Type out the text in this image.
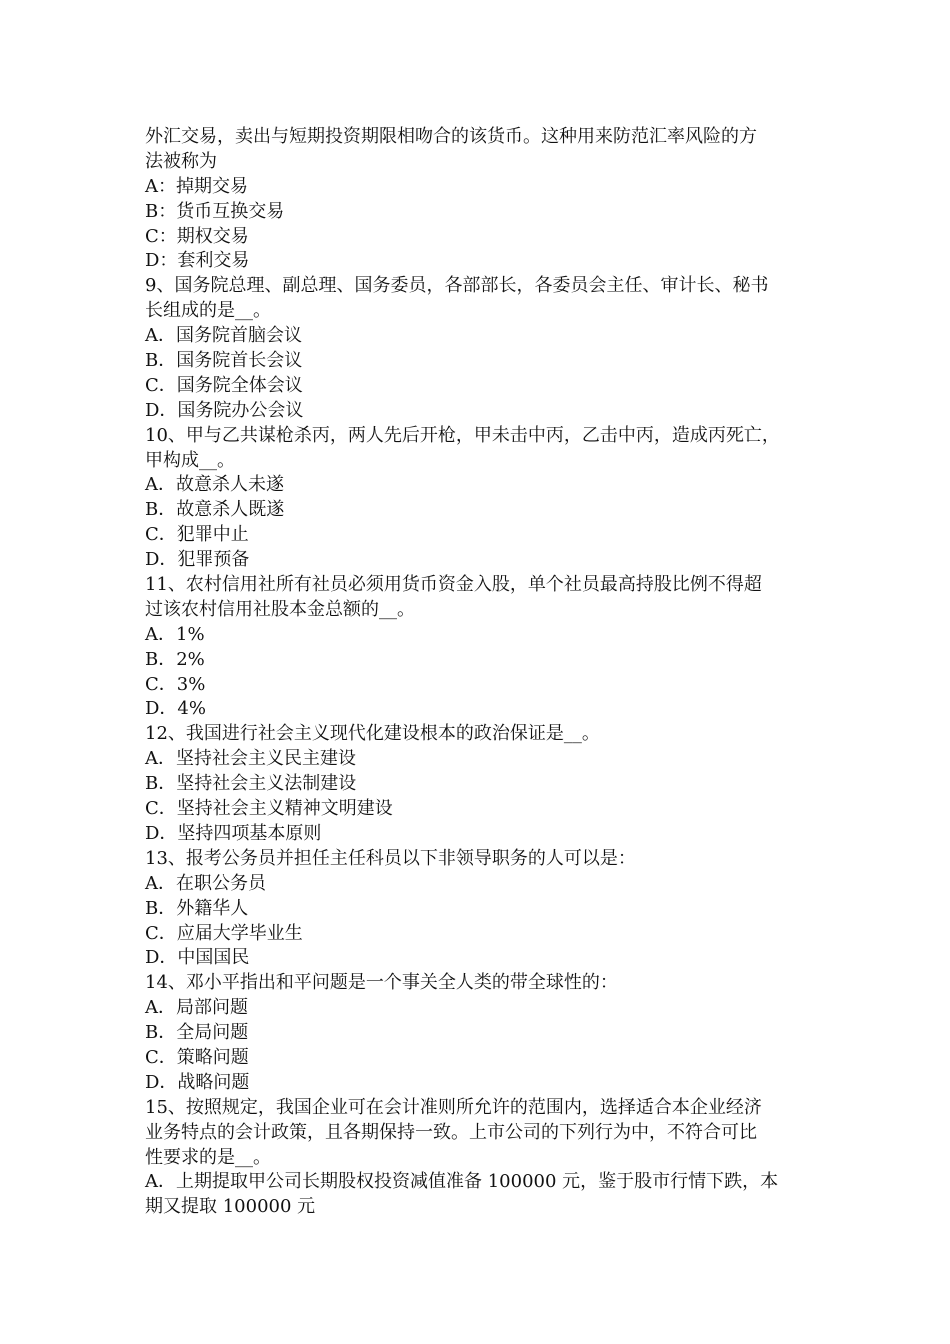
外汇交易，卖出与短期投资期限相吻合的该货币。这种用来防范汇率风险的方
法被称为
A：掉期交易
B：货币互换交易
C：期权交易
D：套利交易
9、国务院总理、副总理、国务委员，各部部长，各委员会主任、审计长、秘书
长组成的是__。
A．国务院首脑会议
B．国务院首长会议
C．国务院全体会议
D．国务院办公会议
10、甲与乙共谋枪杀丙，两人先后开枪，甲未击中丙，乙击中丙，造成丙死亡，
甲构成__。
A．故意杀人未遂
B．故意杀人既遂
C．犯罪中止
D．犯罪预备
11、农村信用社所有社员必须用货币资金入股，单个社员最高持股比例不得超
过该农村信用社股本金总额的__。
A．1%
B．2%
C．3%
D．4%
12、我国进行社会主义现代化建设根本的政治保证是__。
A．坚持社会主义民主建设
B．坚持社会主义法制建设
C．坚持社会主义精神文明建设
D．坚持四项基本原则
13、报考公务员并担任主任科员以下非领导职务的人可以是：
A．在职公务员
B．外籍华人
C．应届大学毕业生
D．中国国民
14、邓小平指出和平问题是一个事关全人类的带全球性的：
A．局部问题
B．全局问题
C．策略问题
D．战略问题
15、按照规定，我国企业可在会计准则所允许的范围内，选择适合本企业经济
业务特点的会计政策，且各期保持一致。上市公司的下列行为中，不符合可比
性要求的是__。
A．上期提取甲公司长期股权投资减值准备 100000 元，鉴于股市行情下跌，本
期又提取 100000 元
